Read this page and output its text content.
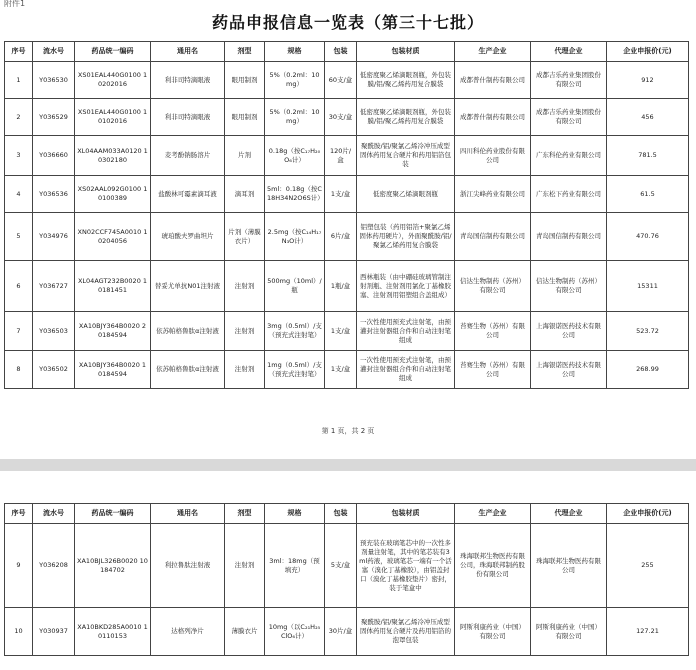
附件1
药品申报信息一览表（第三十七批）
序号	流水号	药品统一编码	通用名	剂型	规格	包装	包装材质	生产企业	代理企业	企业申报价(元)
1	Y036530	XS01EAL440G0100 10202016	利非司特滴眼液	眼用制剂	5%（0.2ml：10mg）	60支/盒	低密度聚乙烯滴眼剂瓶，外包装膜/铝/聚乙烯药用复合膜袋	成都普什制药有限公司	成都吉乐药业集团股份有限公司	912
2	Y036529	XS01EAL440G0100 10102016	利非司特滴眼液	眼用制剂	5%（0.2ml：10mg）	30支/盒	低密度聚乙烯滴眼剂瓶，外包装膜/铝/聚乙烯药用复合膜袋	成都普什制药有限公司	成都吉乐药业集团股份有限公司	456
3	Y036660	XL04AAM033A0120 10302180	麦考酚钠肠溶片	片剂	0.18g（按C₁₇H₂₀O₆计）	120片/盒	聚酰胺/铝/聚氯乙烯冷冲压成型固体药用复合硬片和药用铝箔包装	四川科伦药业股份有限公司	广东科伦药业有限公司	781.5
4	Y036536	XS02AAL092G0100 10100389	盐酸林可霉素滴耳液	滴耳剂	5ml：0.18g（按C18H34N2O6S计）	1支/盒	低密度聚乙烯滴眼剂瓶	浙江尖峰药业有限公司	广东松下药业有限公司	61.5
5	Y034976	XN02CCF745A0010 10204056	琥珀酸夫罗曲坦片	片剂（薄膜衣片）	2.5mg（按C₁₄H₁₇N₃O计）	6片/盒	铝塑包装（药用铝箔+聚氯乙烯固体药用硬片），外面聚酰胺/铝/聚氯乙烯药用复合膜袋	青岛国信制药有限公司	青岛国信制药有限公司	470.76
6	Y036727	XL04AGT232B0020 10181451	替妥尤单抗N01注射液	注射剂	500mg（10ml）/瓶	1瓶/盒	西林瓶装（由中硼硅玻璃管制注射剂瓶、注射剂用氯化丁基橡胶塞、注射剂用铝塑组合盖组成）	信达生物制药（苏州）有限公司	信达生物制药（苏州）有限公司	15311
7	Y036503	XA10BJY364B0020 20184594	依苏帕格鲁肽α注射液	注射剂	3mg（0.5ml）/支（预充式注射笔）	1支/盒	一次性使用预充式注射笔，由预灌封注射器组合件和自动注射笔组成	苔赛生物（苏州）有限公司	上海银诺医药技术有限公司	523.72
8	Y036502	XA10BJY364B0020 10184594	依苏帕格鲁肽α注射液	注射剂	1mg（0.5ml）/支（预充式注射笔）	1支/盒	一次性使用预充式注射笔，由预灌封注射器组合件和自动注射笔组成	苔赛生物（苏州）有限公司	上海银诺医药技术有限公司	268.99
第 1 页，共 2 页
序号	流水号	药品统一编码	通用名	剂型	规格	包装	包装材质	生产企业	代理企业	企业申报价(元)
9	Y036208	XA10BJL326B0020 10184702	利拉鲁肽注射液	注射剂	3ml：18mg（预填充）	5支/盒	预充装在玻璃笔芯中的一次性多剂量注射笔，其中的笔芯装有3ml药液，玻璃笔芯一端有一个活塞（溴化丁基橡胶），由铝盖封口（溴化丁基橡胶垫片）密封，装于笔盒中	珠海联邦生物医药有限公司，珠海联邦制药股份有限公司	珠海联邦生物医药有限公司	255
10	Y030937	XA10BKD285A0010 10110153	达格列净片	薄膜衣片	10mg（以C₂₁H₂₅ClO₆计）	30片/盒	聚酰胺/铝/聚氯乙烯冷冲压成型固体药用复合硬片及药用铝箔的泡罩包装	阿斯利康药业（中国）有限公司	阿斯利康药业（中国）有限公司	127.21
